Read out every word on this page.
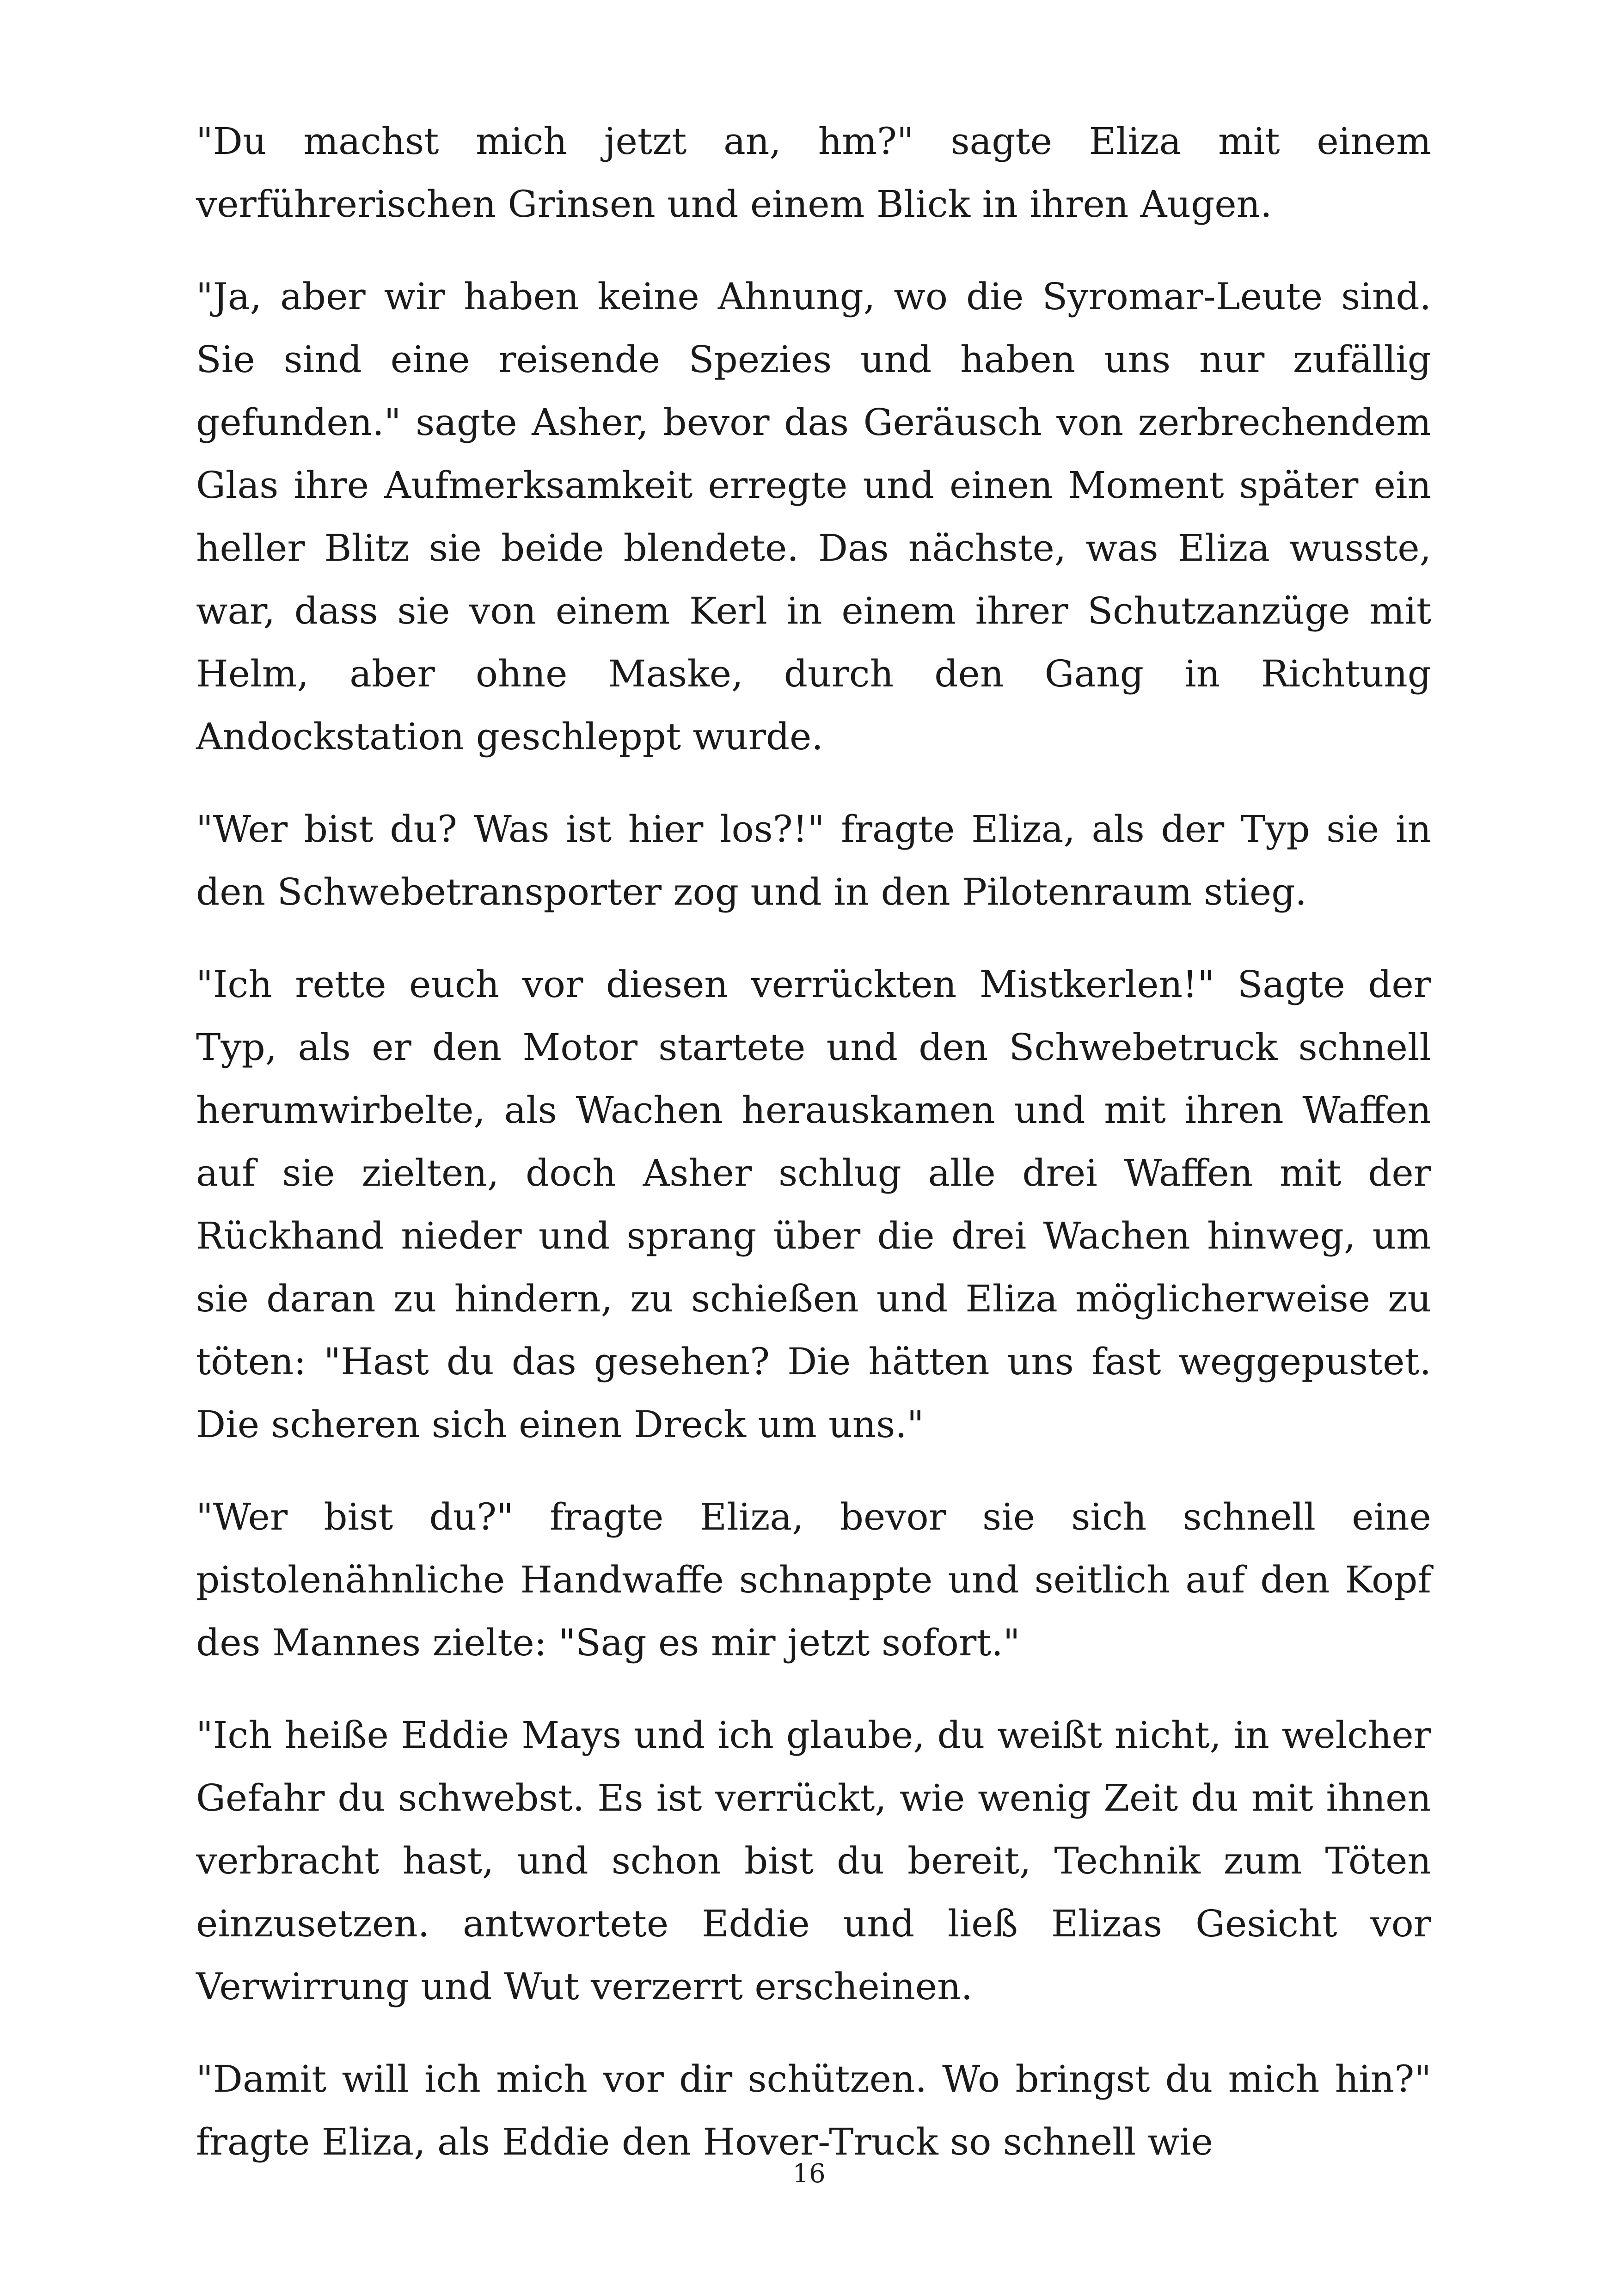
"Du machst mich jetzt an, hm?" sagte Eliza mit einem verführerischen Grinsen und einem Blick in ihren Augen.

"Ja, aber wir haben keine Ahnung, wo die Syromar-Leute sind. Sie sind eine reisende Spezies und haben uns nur zufällig gefunden." sagte Asher, bevor das Geräusch von zerbrechendem Glas ihre Aufmerksamkeit erregte und einen Moment später ein heller Blitz sie beide blendete. Das nächste, was Eliza wusste, war, dass sie von einem Kerl in einem ihrer Schutzanzüge mit Helm, aber ohne Maske, durch den Gang in Richtung Andockstation geschleppt wurde.

"Wer bist du? Was ist hier los?!" fragte Eliza, als der Typ sie in den Schwebetransporter zog und in den Pilotenraum stieg.

"Ich rette euch vor diesen verrückten Mistkerlen!" Sagte der Typ, als er den Motor startete und den Schwebetruck schnell herumwirbelte, als Wachen herauskamen und mit ihren Waffen auf sie zielten, doch Asher schlug alle drei Waffen mit der Rückhand nieder und sprang über die drei Wachen hinweg, um sie daran zu hindern, zu schießen und Eliza möglicherweise zu töten: "Hast du das gesehen? Die hätten uns fast weggepustet. Die scheren sich einen Dreck um uns."

"Wer bist du?" fragte Eliza, bevor sie sich schnell eine pistolenähnliche Handwaffe schnappte und seitlich auf den Kopf des Mannes zielte: "Sag es mir jetzt sofort."

"Ich heiße Eddie Mays und ich glaube, du weißt nicht, in welcher Gefahr du schwebst. Es ist verrückt, wie wenig Zeit du mit ihnen verbracht hast, und schon bist du bereit, Technik zum Töten einzusetzen. antwortete Eddie und ließ Elizas Gesicht vor Verwirrung und Wut verzerrt erscheinen.

"Damit will ich mich vor dir schützen. Wo bringst du mich hin?" fragte Eliza, als Eddie den Hover-Truck so schnell wie

16
